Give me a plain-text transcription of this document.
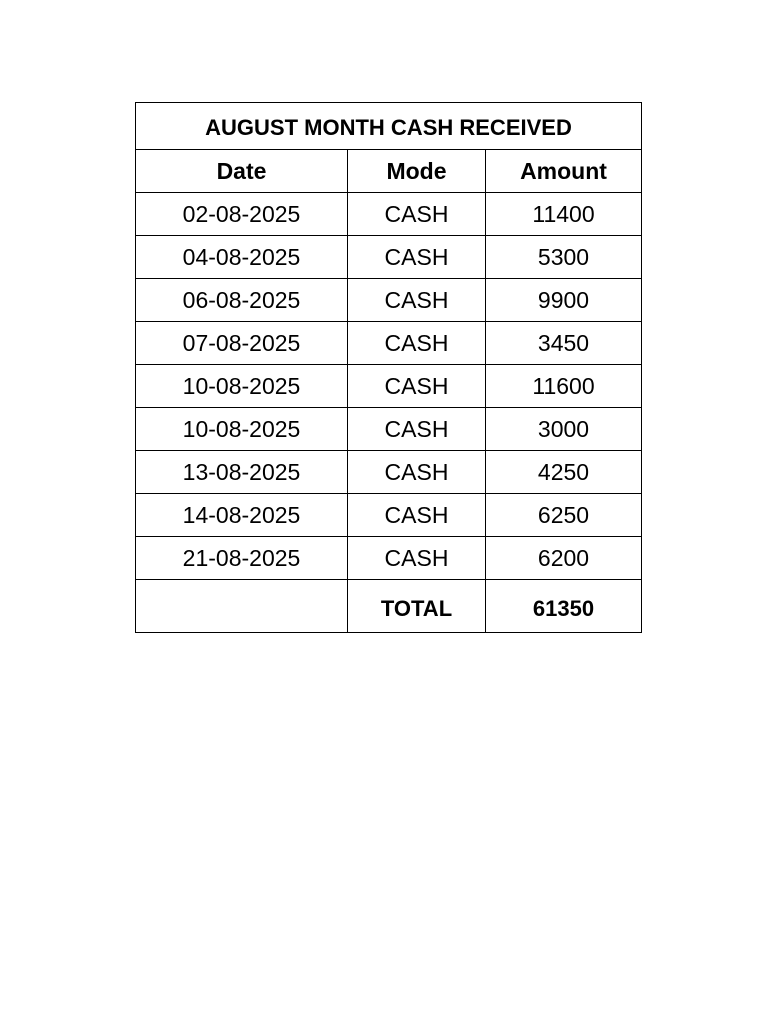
AUGUST MONTH CASH RECEIVED		
Date	Mode	Amount
02-08-2025	CASH	11400
04-08-2025	CASH	5300
06-08-2025	CASH	9900
07-08-2025	CASH	3450
10-08-2025	CASH	11600
10-08-2025	CASH	3000
13-08-2025	CASH	4250
14-08-2025	CASH	6250
21-08-2025	CASH	6200
	TOTAL	61350
